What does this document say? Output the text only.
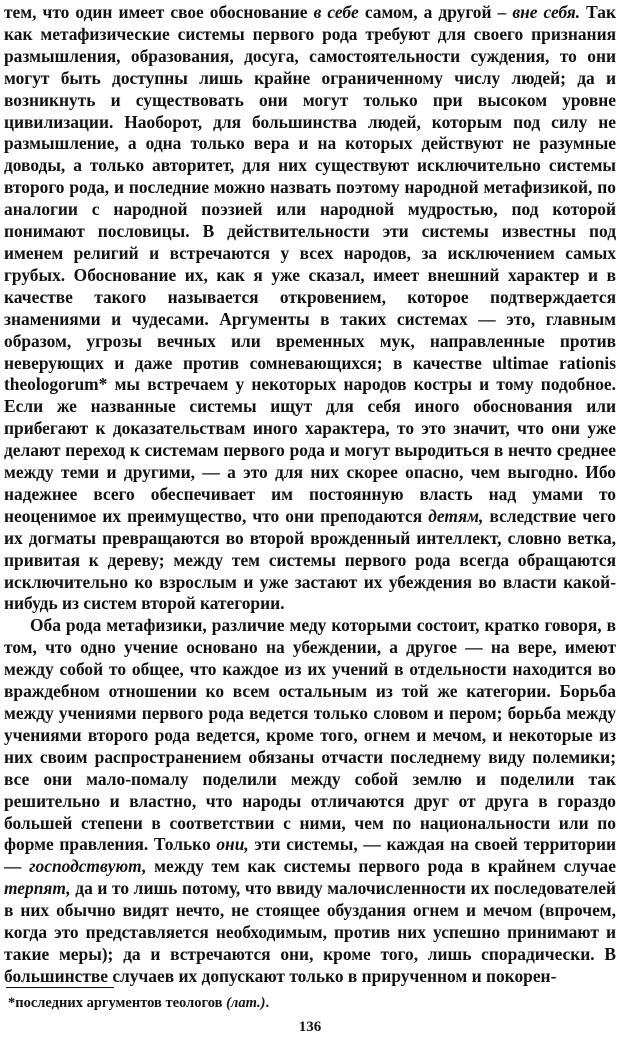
тем, что один имеет свое обоснование в себе самом, а другой – вне себя. Так как метафизические системы первого рода требуют для своего признания размышления, образования, досуга, самостоятельности суждения, то они могут быть доступны лишь крайне ограниченному числу людей; да и возникнуть и существовать они могут только при высоком уровне цивилизации. Наоборот, для большинства людей, которым под силу не размышление, а одна только вера и на которых действуют не разумные доводы, а только авторитет, для них существуют исключительно системы второго рода, и последние можно назвать поэтому народной метафизикой, по аналогии с народной поэзией или народной мудростью, под которой понимают пословицы. В действительности эти системы известны под именем религий и встречаются у всех народов, за исключением самых грубых. Обоснование их, как я уже сказал, имеет внешний характер и в качестве такого называется откровением, которое подтверждается знамениями и чудесами. Аргументы в таких системах — это, главным образом, угрозы вечных или временных мук, направленные против неверующих и даже против сомневающихся; в качестве ultimae rationis theologorum* мы встречаем у некоторых народов костры и тому подобное. Если же названные системы ищут для себя иного обоснования или прибегают к доказательствам иного характера, то это значит, что они уже делают переход к системам первого рода и могут выродиться в нечто среднее между теми и другими, — а это для них скорее опасно, чем выгодно. Ибо надежнее всего обеспечивает им постоянную власть над умами то неоценимое их преимущество, что они преподаются детям, вследствие чего их догматы превращаются во второй врожденный интеллект, словно ветка, привитая к дереву; между тем системы первого рода всегда обращаются исключительно ко взрослым и уже застают их убеждения во власти какой-нибудь из систем второй категории.

Оба рода метафизики, различие меду которыми состоит, кратко говоря, в том, что одно учение основано на убеждении, а другое — на вере, имеют между собой то общее, что каждое из их учений в отдельности находится во враждебном отношении ко всем остальным из той же категории. Борьба между учениями первого рода ведется только словом и пером; борьба между учениями второго рода ведется, кроме того, огнем и мечом, и некоторые из них своим распространением обязаны отчасти последнему виду полемики; все они мало-помалу поделили между собой землю и поделили так решительно и властно, что народы отличаются друг от друга в гораздо большей степени в соответствии с ними, чем по национальности или по форме правления. Только они, эти системы, — каждая на своей территории — господствуют, между тем как системы первого рода в крайнем случае терпят, да и то лишь потому, что ввиду малочисленности их последователей в них обычно видят нечто, не стоящее обуздания огнем и мечом (впрочем, когда это представляется необходимым, против них успешно принимают и такие меры); да и встречаются они, кроме того, лишь спорадически. В большинстве случаев их допускают только в прирученном и покорен-

*последних аргументов теологов (лат.).
136
